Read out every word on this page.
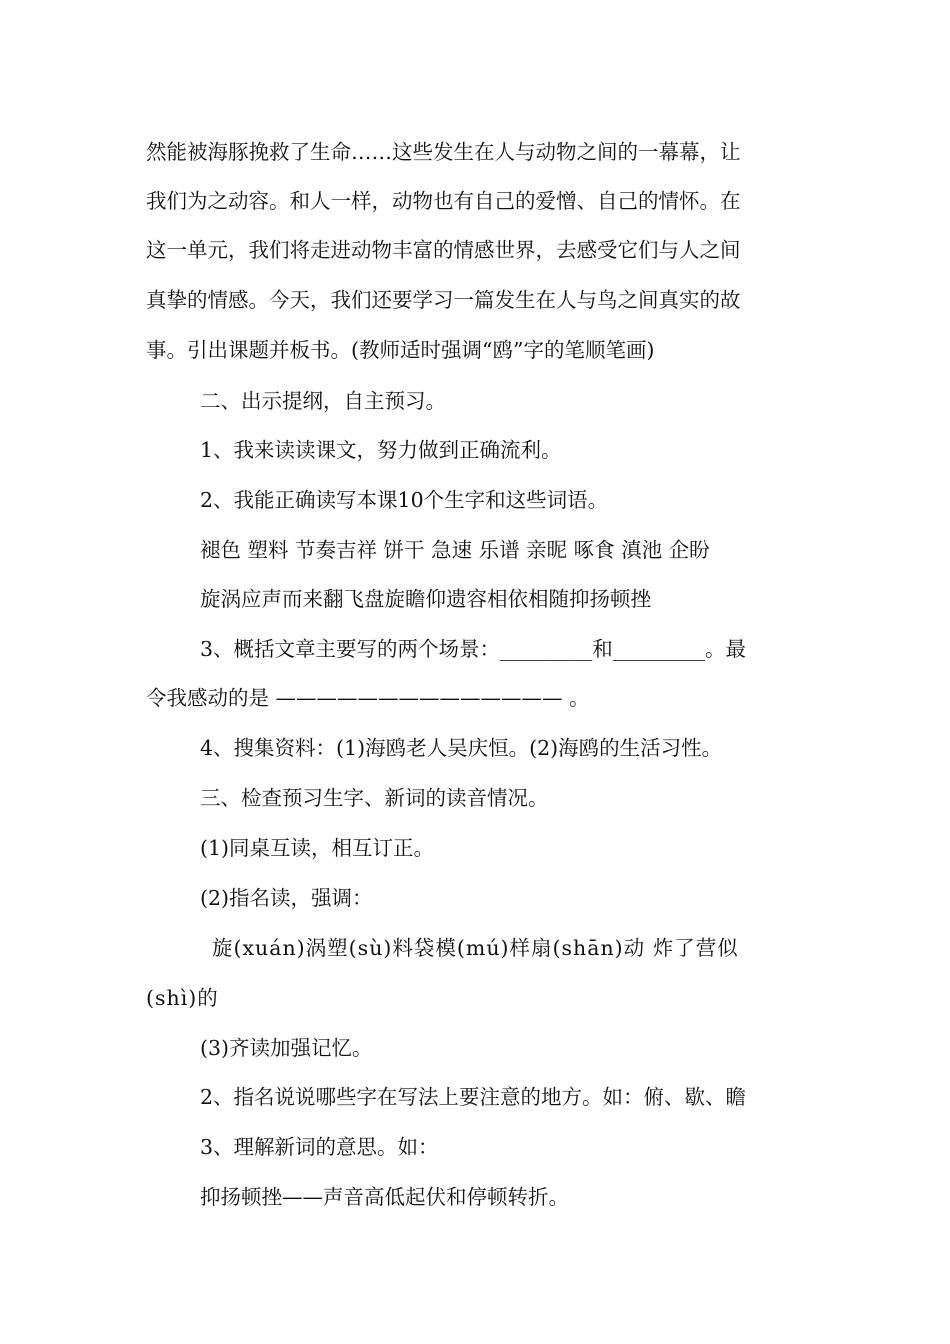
然能被海豚挽救了生命……这些发生在人与动物之间的一幕幕，让
我们为之动容。和人一样，动物也有自己的爱憎、自己的情怀。在
这一单元，我们将走进动物丰富的情感世界，去感受它们与人之间
真挚的情感。今天，我们还要学习一篇发生在人与鸟之间真实的故
事。引出课题并板书。(教师适时强调“鸥”字的笔顺笔画)
二、出示提纲，自主预习。
1、我来读读课文，努力做到正确流利。
2、我能正确读写本课10个生字和这些词语。
褪色 塑料 节奏吉祥 饼干 急速 乐谱 亲昵 啄食 滇池 企盼
旋涡应声而来翻飞盘旋瞻仰遗容相依相随抑扬顿挫
3、概括文章主要写的两个场景：_________和_________。最
令我感动的是 —————————————— 。
4、搜集资料：(1)海鸥老人吴庆恒。(2)海鸥的生活习性。
三、检查预习生字、新词的读音情况。
(1)同桌互读，相互订正。
(2)指名读，强调：
旋(xuán)涡塑(sù)料袋模(mú)样扇(shān)动 炸了营似
(shì)的
(3)齐读加强记忆。
2、指名说说哪些字在写法上要注意的地方。如：俯、歇、瞻
3、理解新词的意思。如：
抑扬顿挫——声音高低起伏和停顿转折。
